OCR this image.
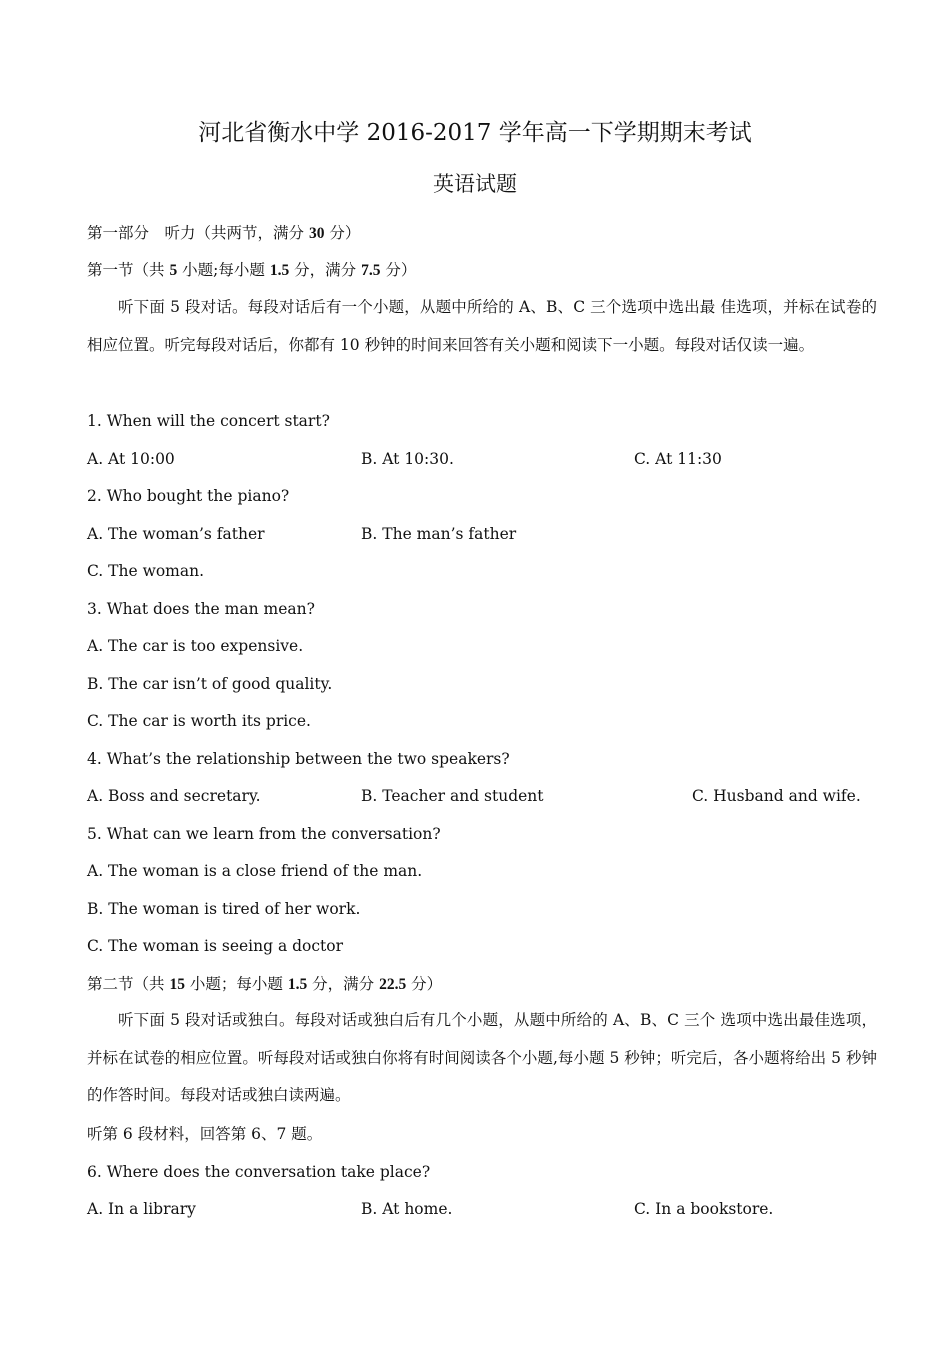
河北省衡水中学 2016-2017 学年高一下学期期末考试
英语试题
第一部分　听力（共两节，满分 30 分）
第一节（共 5 小题;每小题 1.5 分，满分 7.5 分）
听下面 5 段对话。每段对话后有一个小题，从题中所给的 A、B、C 三个选项中选出最 佳选项，并标在试卷的相应位置。听完每段对话后，你都有 10 秒钟的时间来回答有关小题和阅读下一小题。每段对话仅读一遍。
1. When will the concert start?
A. At 10:00	B. At 10:30.	C. At 11:30
2. Who bought the piano?
A. The woman’s father	B. The man’s father
C. The woman.
3. What does the man mean?
A. The car is too expensive.
B. The car isn’t of good quality.
C. The car is worth its price.
4. What’s the relationship between the two speakers?
A. Boss and secretary.	B. Teacher and student	C. Husband and wife.
5. What can we learn from the conversation?
A. The woman is a close friend of the man.
B. The woman is tired of her work.
C. The woman is seeing a doctor
第二节（共 15 小题；每小题 1.5 分，满分 22.5 分）
听下面 5 段对话或独白。每段对话或独白后有几个小题，从题中所给的 A、B、C 三个 选项中选出最佳选项，并标在试卷的相应位置。听每段对话或独白你将有时间阅读各个小题,每小题 5 秒钟；听完后，各小题将给出 5 秒钟的作答时间。每段对话或独白读两遍。
听第 6 段材料，回答第 6、7 题。
6. Where does the conversation take place?
A. In a library	B. At home.	C. In a bookstore.
